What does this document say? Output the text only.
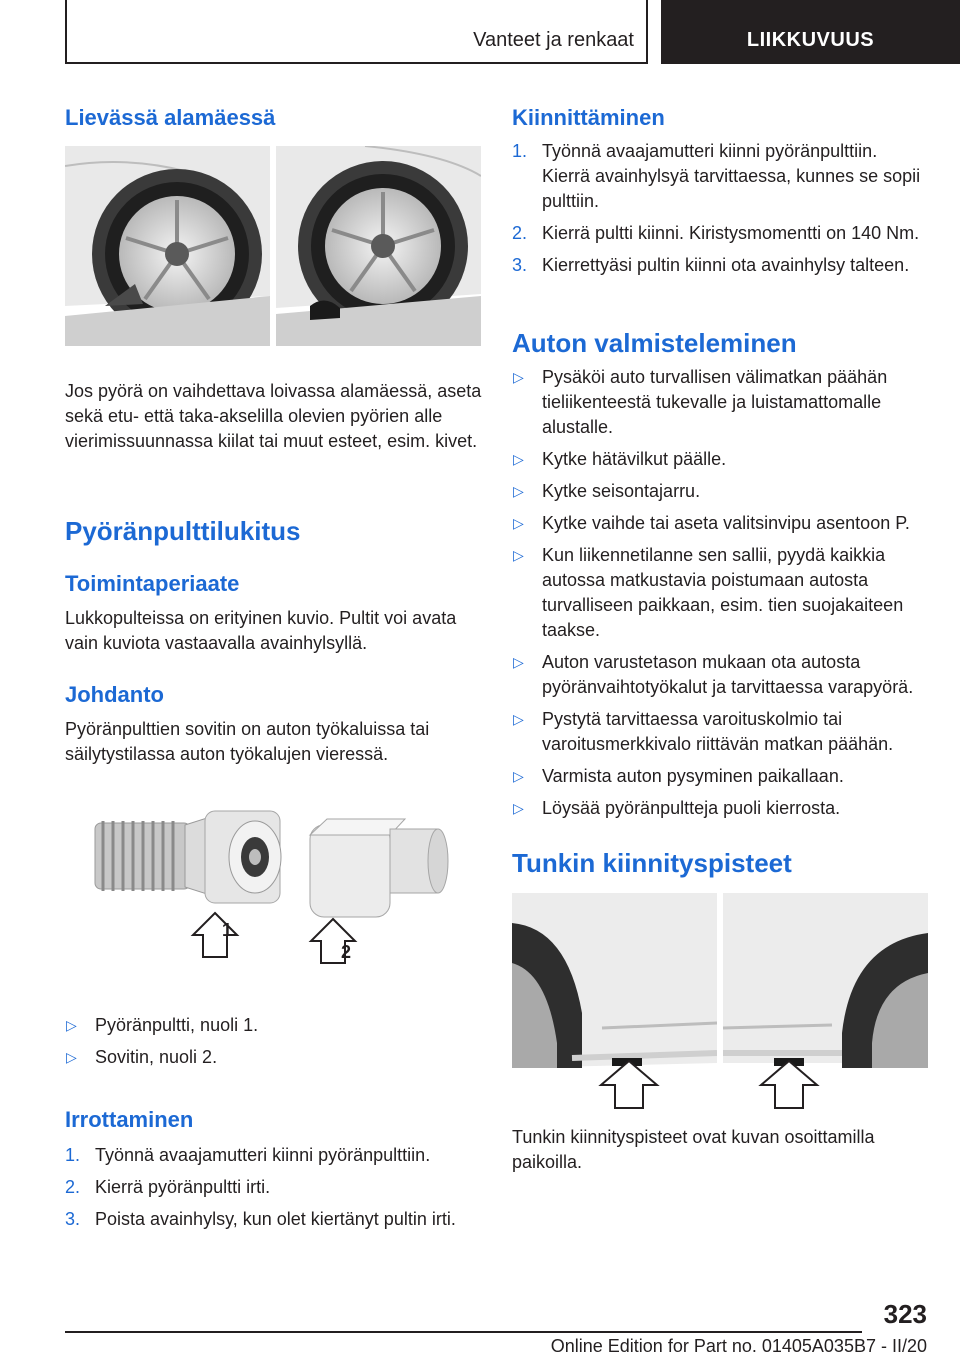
Vanteet ja renkaat	LIIKKUVUUS
Lievässä alamäessä
Jos pyörä on vaihdettava loivassa alamäessä, aseta sekä etu- että taka-akselilla olevien pyörien alle vierimissuunnassa kiilat tai muut esteet, esim. kivet.
Pyöränpulttilukitus
Toimintaperiaate
Lukkopulteissa on erityinen kuvio. Pultit voi avata vain kuviota vastaavalla avainhylsyllä.
Johdanto
Pyöränpulttien sovitin on auton työkaluissa tai säilytystilassa auton työkalujen vieressä.
1
2
▷ Pyöränpultti, nuoli 1.
▷ Sovitin, nuoli 2.
Irrottaminen
1. Työnnä avaajamutteri kiinni pyöränpulttiin.
2. Kierrä pyöränpultti irti.
3. Poista avainhylsy, kun olet kiertänyt pultin irti.
Kiinnittäminen
1. Työnnä avaajamutteri kiinni pyöränpulttiin. Kierrä avainhylsyä tarvittaessa, kunnes se sopii pulttiin.
2. Kierrä pultti kiinni. Kiristysmomentti on 140 Nm.
3. Kierrettyäsi pultin kiinni ota avainhylsy talteen.
Auton valmisteleminen
▷ Pysäköi auto turvallisen välimatkan päähän tieliikenteestä tukevalle ja luistamattomalle alustalle.
▷ Kytke hätävilkut päälle.
▷ Kytke seisontajarru.
▷ Kytke vaihde tai aseta valitsinvipu asentoon P.
▷ Kun liikennetilanne sen sallii, pyydä kaikkia autossa matkustavia poistumaan autosta turvalliseen paikkaan, esim. tien suojakaiteen taakse.
▷ Auton varustetason mukaan ota autosta pyöränvaihtotyökalut ja tarvittaessa varapyörä.
▷ Pystytä tarvittaessa varoituskolmio tai varoitusmerkkivalo riittävän matkan päähän.
▷ Varmista auton pysyminen paikallaan.
▷ Löysää pyöränpultteja puoli kierrosta.
Tunkin kiinnityspisteet
Tunkin kiinnityspisteet ovat kuvan osoittamilla paikoilla.
323
Online Edition for Part no. 01405A035B7 - II/20
